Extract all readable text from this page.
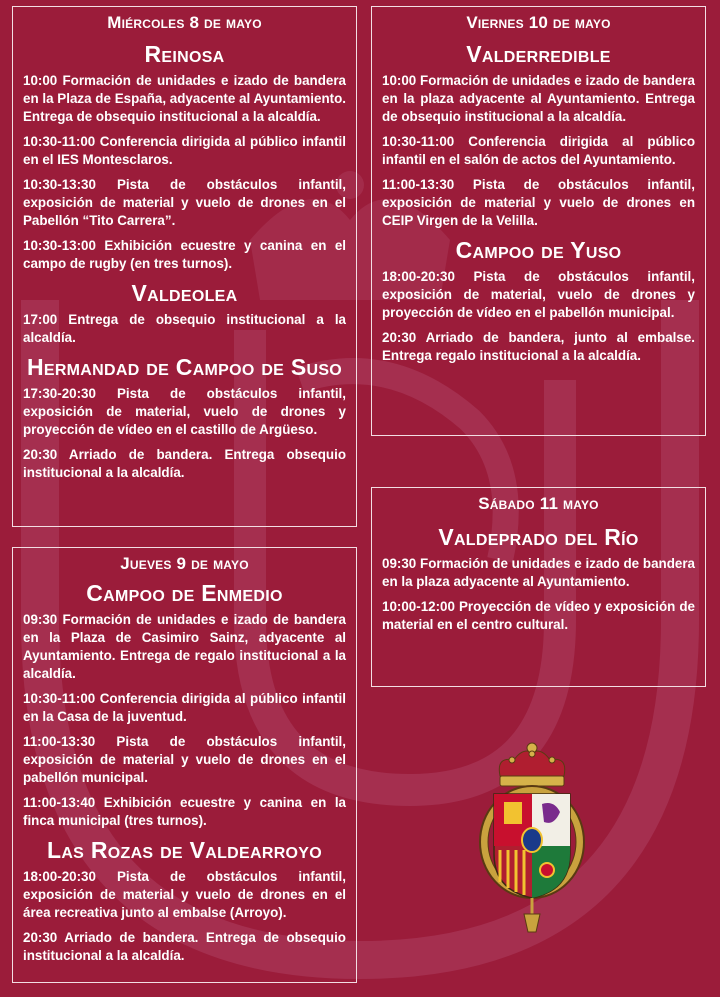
Miércoles 8 de mayo
Reinosa

10:00 Formación de unidades e izado de bandera en la Plaza de España, adyacente al Ayuntamiento. Entrega de obsequio institucional a la alcaldía.

10:30-11:00 Conferencia dirigida al público infantil en el IES Montesclaros.

10:30-13:30 Pista de obstáculos infantil, exposición de material y vuelo de drones en el Pabellón “Tito Carrera”.

10:30-13:00 Exhibición ecuestre y canina en el campo de rugby (en tres turnos).

Valdeolea

17:00 Entrega de obsequio institucional a la alcaldía.

Hermandad de Campoo de Suso

17:30-20:30 Pista de obstáculos infantil, exposición de material, vuelo de drones y proyección de vídeo en el castillo de Argüeso.

20:30 Arriado de bandera. Entrega obsequio institucional a la alcaldía.

Jueves 9 de mayo
Campoo de Enmedio

09:30 Formación de unidades e izado de bandera en la Plaza de Casimiro Sainz, adyacente al Ayuntamiento. Entrega de regalo institucional a la alcaldía.

10:30-11:00 Conferencia dirigida al público infantil en la Casa de la juventud.

11:00-13:30 Pista de obstáculos infantil, exposición de material y vuelo de drones en el pabellón municipal.

11:00-13:40 Exhibición ecuestre y canina en la finca municipal (tres turnos).

Las Rozas de Valdearroyo

18:00-20:30 Pista de obstáculos infantil, exposición de material y vuelo de drones en el área recreativa junto al embalse (Arroyo).

20:30 Arriado de bandera. Entrega de obsequio institucional a la alcaldía.

Viernes 10 de mayo
Valderredible

10:00 Formación de unidades e izado de bandera en la plaza adyacente al Ayuntamiento. Entrega de obsequio institucional a la alcaldía.

10:30-11:00 Conferencia dirigida al público infantil en el salón de actos del Ayuntamiento.

11:00-13:30 Pista de obstáculos infantil, exposición de material y vuelo de drones en CEIP Virgen de la Velilla.

Campoo de Yuso

18:00-20:30 Pista de obstáculos infantil, exposición de material, vuelo de drones y proyección de vídeo en el pabellón municipal.

20:30 Arriado de bandera, junto al embalse. Entrega regalo institucional a la alcaldía.

Sábado 11 mayo
Valdeprado del Río

09:30 Formación de unidades e izado de bandera en la plaza adyacente al Ayuntamiento.

10:00-12:00 Proyección de vídeo y exposición de material en el centro cultural.
